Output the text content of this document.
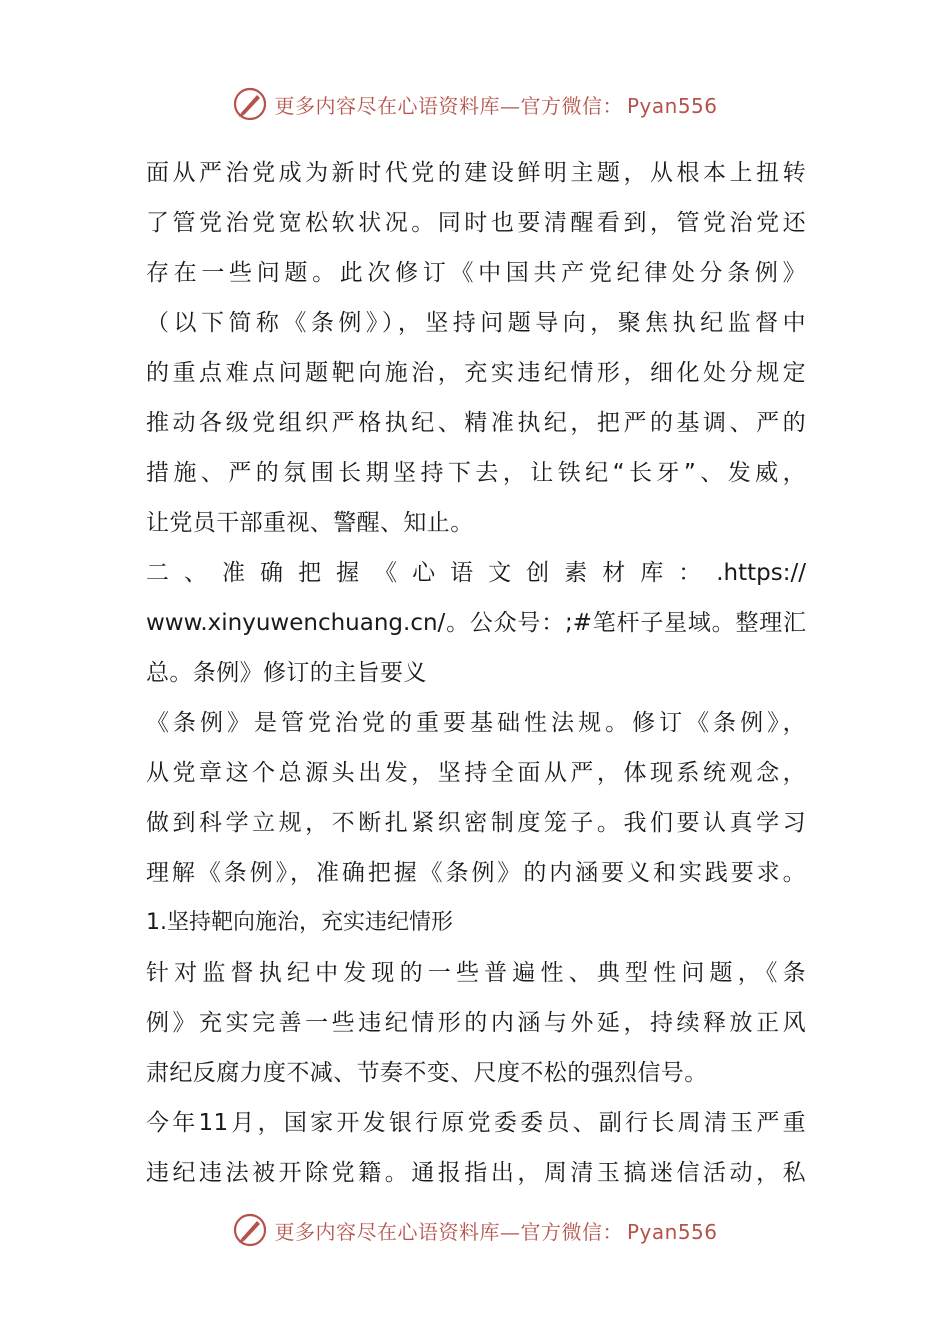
更多内容尽在心语资料库—官方微信： Pyan556
面从严治党成为新时代党的建设鲜明主题，从根本上扭转
了管党治党宽松软状况。同时也要清醒看到，管党治党还
存在一些问题。此次修订《中国共产党纪律处分条例》
（以下简称《条例》），坚持问题导向，聚焦执纪监督中
的重点难点问题靶向施治，充实违纪情形，细化处分规定
推动各级党组织严格执纪、精准执纪，把严的基调、严的
措施、严的氛围长期坚持下去，让铁纪“长牙”、发威，
让党员干部重视、警醒、知止。
二 、 准 确 把 握 《 心 语 文 创 素 材 库 ： .https://
www.xinyuwenchuang.cn/。公众号：;#笔杆子星域。整理汇
总。条例》修订的主旨要义
《条例》是管党治党的重要基础性法规。修订《条例》，
从党章这个总源头出发，坚持全面从严，体现系统观念，
做到科学立规，不断扎紧织密制度笼子。我们要认真学习
理解《条例》，准确把握《条例》的内涵要义和实践要求。
1.坚持靶向施治，充实违纪情形
针对监督执纪中发现的一些普遍性、典型性问题，《条
例》充实完善一些违纪情形的内涵与外延，持续释放正风
肃纪反腐力度不减、节奏不变、尺度不松的强烈信号。
今年11月，国家开发银行原党委委员、副行长周清玉严重
违纪违法被开除党籍。通报指出，周清玉搞迷信活动，私
更多内容尽在心语资料库—官方微信： Pyan556
